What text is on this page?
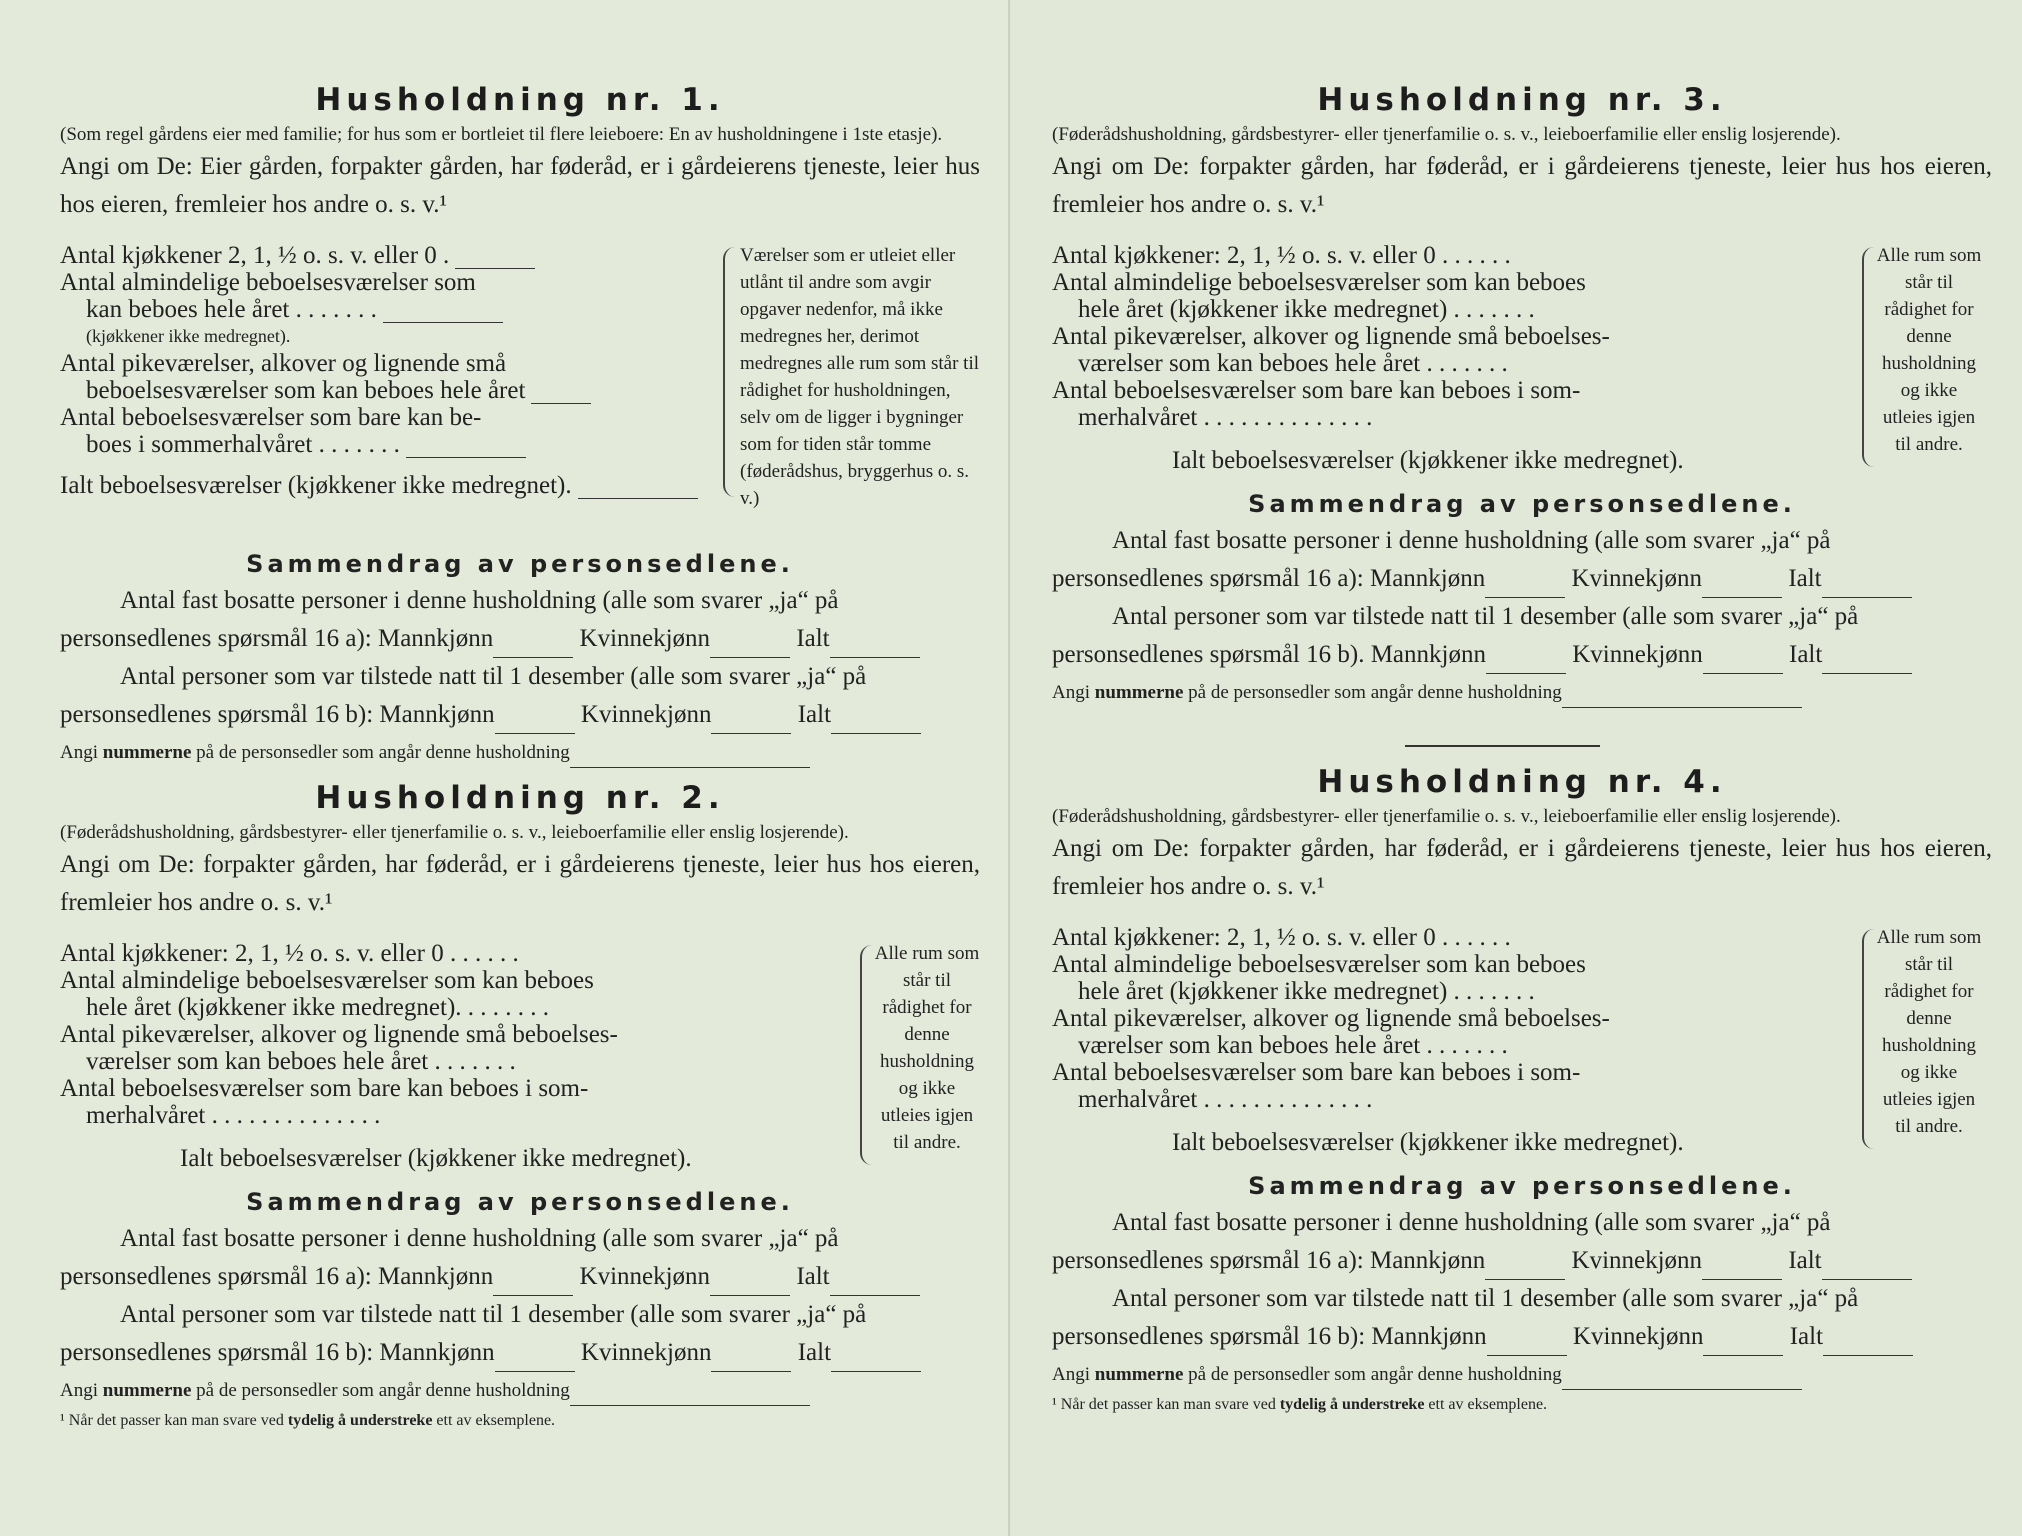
Husholdning nr. 1.
(Som regel gårdens eier med familie; for hus som er bortleiet til flere leieboere: En av husholdningene i 1ste etasje).
Angi om De: Eier gården, forpakter gården, har føderåd, er i gårdeierens tjeneste, leier hus hos eieren, fremleier hos andre o. s. v.¹
Antal kjøkkener 2, 1, ½ o. s. v. eller 0 .
Antal almindelige beboelsesværelser som
kan beboes hele året . . . . . . .
(kjøkkener ikke medregnet).
Antal pikeværelser, alkover og lignende små
beboelsesværelser som kan beboes hele året
Antal beboelsesværelser som bare kan be-
boes i sommerhalvåret . . . . . . .
Ialt beboelsesværelser (kjøkkener ikke medregnet).
Værelser som er utleiet eller utlånt til andre som avgir opgaver nedenfor, må ikke medregnes her, derimot medregnes alle rum som står til rådighet for husholdningen, selv om de ligger i bygninger som for tiden står tomme (føderådshus, bryggerhus o. s. v.)
Sammendrag av personsedlene.
Antal fast bosatte personer i denne husholdning (alle som svarer „ja“ på
personsedlenes spørsmål 16 a): Mannkjønn	Kvinnekjønn	Ialt
Antal personer som var tilstede natt til 1 desember (alle som svarer „ja“ på
personsedlenes spørsmål 16 b): Mannkjønn	Kvinnekjønn	Ialt
Angi nummerne på de personsedler som angår denne husholdning
Husholdning nr. 2.
(Føderådshusholdning, gårdsbestyrer- eller tjenerfamilie o. s. v., leieboerfamilie eller enslig losjerende).
Angi om De: forpakter gården, har føderåd, er i gårdeierens tjeneste, leier hus hos eieren, fremleier hos andre o. s. v.¹
Antal kjøkkener: 2, 1, ½ o. s. v. eller 0 . . . . . .
Antal almindelige beboelsesværelser som kan beboes
hele året (kjøkkener ikke medregnet). . . . . . . .
Antal pikeværelser, alkover og lignende små beboelses-
værelser som kan beboes hele året . . . . . . .
Antal beboelsesværelser som bare kan beboes i som-
merhalvåret . . . . . . . . . . . . . .
Ialt beboelsesværelser (kjøkkener ikke medregnet).
Alle rum som står til rådighet for denne husholdning og ikke utleies igjen til andre.
Sammendrag av personsedlene.
Antal fast bosatte personer i denne husholdning (alle som svarer „ja“ på
personsedlenes spørsmål 16 a): Mannkjønn	Kvinnekjønn	Ialt
Antal personer som var tilstede natt til 1 desember (alle som svarer „ja“ på
personsedlenes spørsmål 16 b): Mannkjønn	Kvinnekjønn	Ialt
Angi nummerne på de personsedler som angår denne husholdning
¹ Når det passer kan man svare ved tydelig å understreke ett av eksemplene.
Husholdning nr. 3.
(Føderådshusholdning, gårdsbestyrer- eller tjenerfamilie o. s. v., leieboerfamilie eller enslig losjerende).
Angi om De: forpakter gården, har føderåd, er i gårdeierens tjeneste, leier hus hos eieren, fremleier hos andre o. s. v.¹
Antal kjøkkener: 2, 1, ½ o. s. v. eller 0 . . . . . .
Antal almindelige beboelsesværelser som kan beboes
hele året (kjøkkener ikke medregnet) . . . . . . .
Antal pikeværelser, alkover og lignende små beboelses-
værelser som kan beboes hele året . . . . . . .
Antal beboelsesværelser som bare kan beboes i som-
merhalvåret . . . . . . . . . . . . . .
Ialt beboelsesværelser (kjøkkener ikke medregnet).
Alle rum som står til rådighet for denne husholdning og ikke utleies igjen til andre.
Sammendrag av personsedlene.
Antal fast bosatte personer i denne husholdning (alle som svarer „ja“ på
personsedlenes spørsmål 16 a): Mannkjønn	Kvinnekjønn	Ialt
Antal personer som var tilstede natt til 1 desember (alle som svarer „ja“ på
personsedlenes spørsmål 16 b). Mannkjønn	Kvinnekjønn	Ialt
Angi nummerne på de personsedler som angår denne husholdning
Husholdning nr. 4.
(Føderådshusholdning, gårdsbestyrer- eller tjenerfamilie o. s. v., leieboerfamilie eller enslig losjerende).
Angi om De: forpakter gården, har føderåd, er i gårdeierens tjeneste, leier hus hos eieren, fremleier hos andre o. s. v.¹
Antal kjøkkener: 2, 1, ½ o. s. v. eller 0 . . . . . .
Antal almindelige beboelsesværelser som kan beboes
hele året (kjøkkener ikke medregnet) . . . . . . .
Antal pikeværelser, alkover og lignende små beboelses-
værelser som kan beboes hele året . . . . . . .
Antal beboelsesværelser som bare kan beboes i som-
merhalvåret . . . . . . . . . . . . . .
Ialt beboelsesværelser (kjøkkener ikke medregnet).
Alle rum som står til rådighet for denne husholdning og ikke utleies igjen til andre.
Sammendrag av personsedlene.
Antal fast bosatte personer i denne husholdning (alle som svarer „ja“ på
personsedlenes spørsmål 16 a): Mannkjønn	Kvinnekjønn	Ialt
Antal personer som var tilstede natt til 1 desember (alle som svarer „ja“ på
personsedlenes spørsmål 16 b): Mannkjønn	Kvinnekjønn	Ialt
Angi nummerne på de personsedler som angår denne husholdning
¹ Når det passer kan man svare ved tydelig å understreke ett av eksemplene.
